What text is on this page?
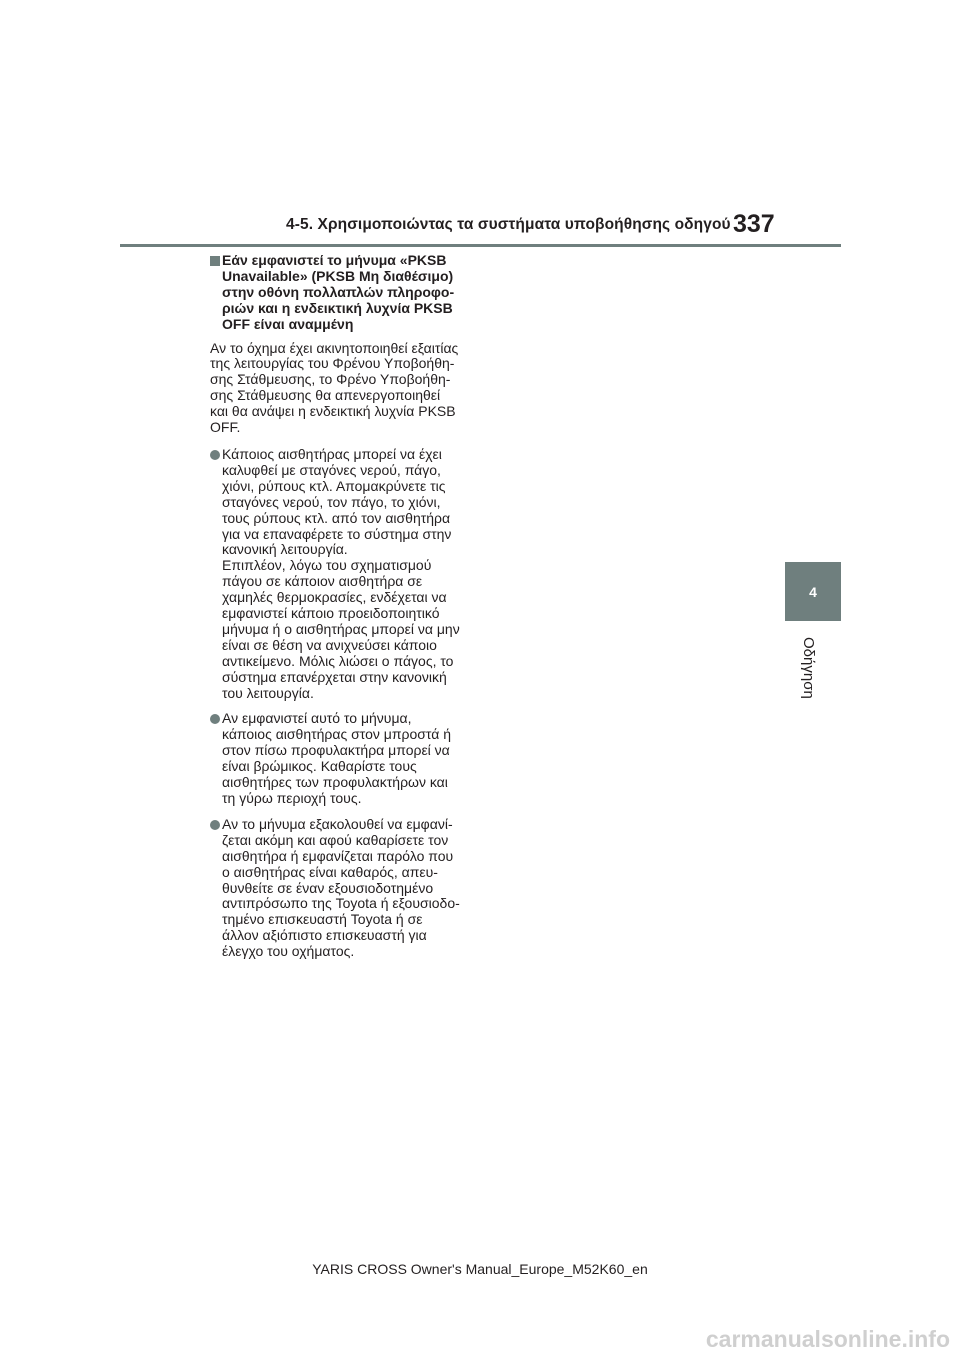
4-5. Χρησιμοποιώντας τα συστήματα υποβοήθησης οδηγού 337
4
Οδήγηση
Εάν εμφανιστεί το μήνυμα «PKSB
Unavailable» (PKSB Μη διαθέσιμο)
στην οθόνη πολλαπλών πληροφο-
ριών και η ενδεικτική λυχνία PKSB
OFF είναι αναμμένη
Αν το όχημα έχει ακινητοποιηθεί εξαιτίας
της λειτουργίας του Φρένου Υποβοήθη-
σης Στάθμευσης, το Φρένο Υποβοήθη-
σης Στάθμευσης θα απενεργοποιηθεί
και θα ανάψει η ενδεικτική λυχνία PKSB
OFF.
Κάποιος αισθητήρας μπορεί να έχει
καλυφθεί με σταγόνες νερού, πάγο,
χιόνι, ρύπους κτλ. Απομακρύνετε τις
σταγόνες νερού, τον πάγο, το χιόνι,
τους ρύπους κτλ. από τον αισθητήρα
για να επαναφέρετε το σύστημα στην
κανονική λειτουργία.
Επιπλέον, λόγω του σχηματισμού
πάγου σε κάποιον αισθητήρα σε
χαμηλές θερμοκρασίες, ενδέχεται να
εμφανιστεί κάποιο προειδοποιητικό
μήνυμα ή ο αισθητήρας μπορεί να μην
είναι σε θέση να ανιχνεύσει κάποιο
αντικείμενο. Μόλις λιώσει ο πάγος, το
σύστημα επανέρχεται στην κανονική
του λειτουργία.
Αν εμφανιστεί αυτό το μήνυμα,
κάποιος αισθητήρας στον μπροστά ή
στον πίσω προφυλακτήρα μπορεί να
είναι βρώμικος. Καθαρίστε τους
αισθητήρες των προφυλακτήρων και
τη γύρω περιοχή τους.
Αν το μήνυμα εξακολουθεί να εμφανί-
ζεται ακόμη και αφού καθαρίσετε τον
αισθητήρα ή εμφανίζεται παρόλο που
ο αισθητήρας είναι καθαρός, απευ-
θυνθείτε σε έναν εξουσιοδοτημένο
αντιπρόσωπο της Toyota ή εξουσιοδο-
τημένο επισκευαστή Toyota ή σε
άλλον αξιόπιστο επισκευαστή για
έλεγχο του οχήματος.
YARIS CROSS Owner's Manual_Europe_M52K60_en
carmanualsonline.info
